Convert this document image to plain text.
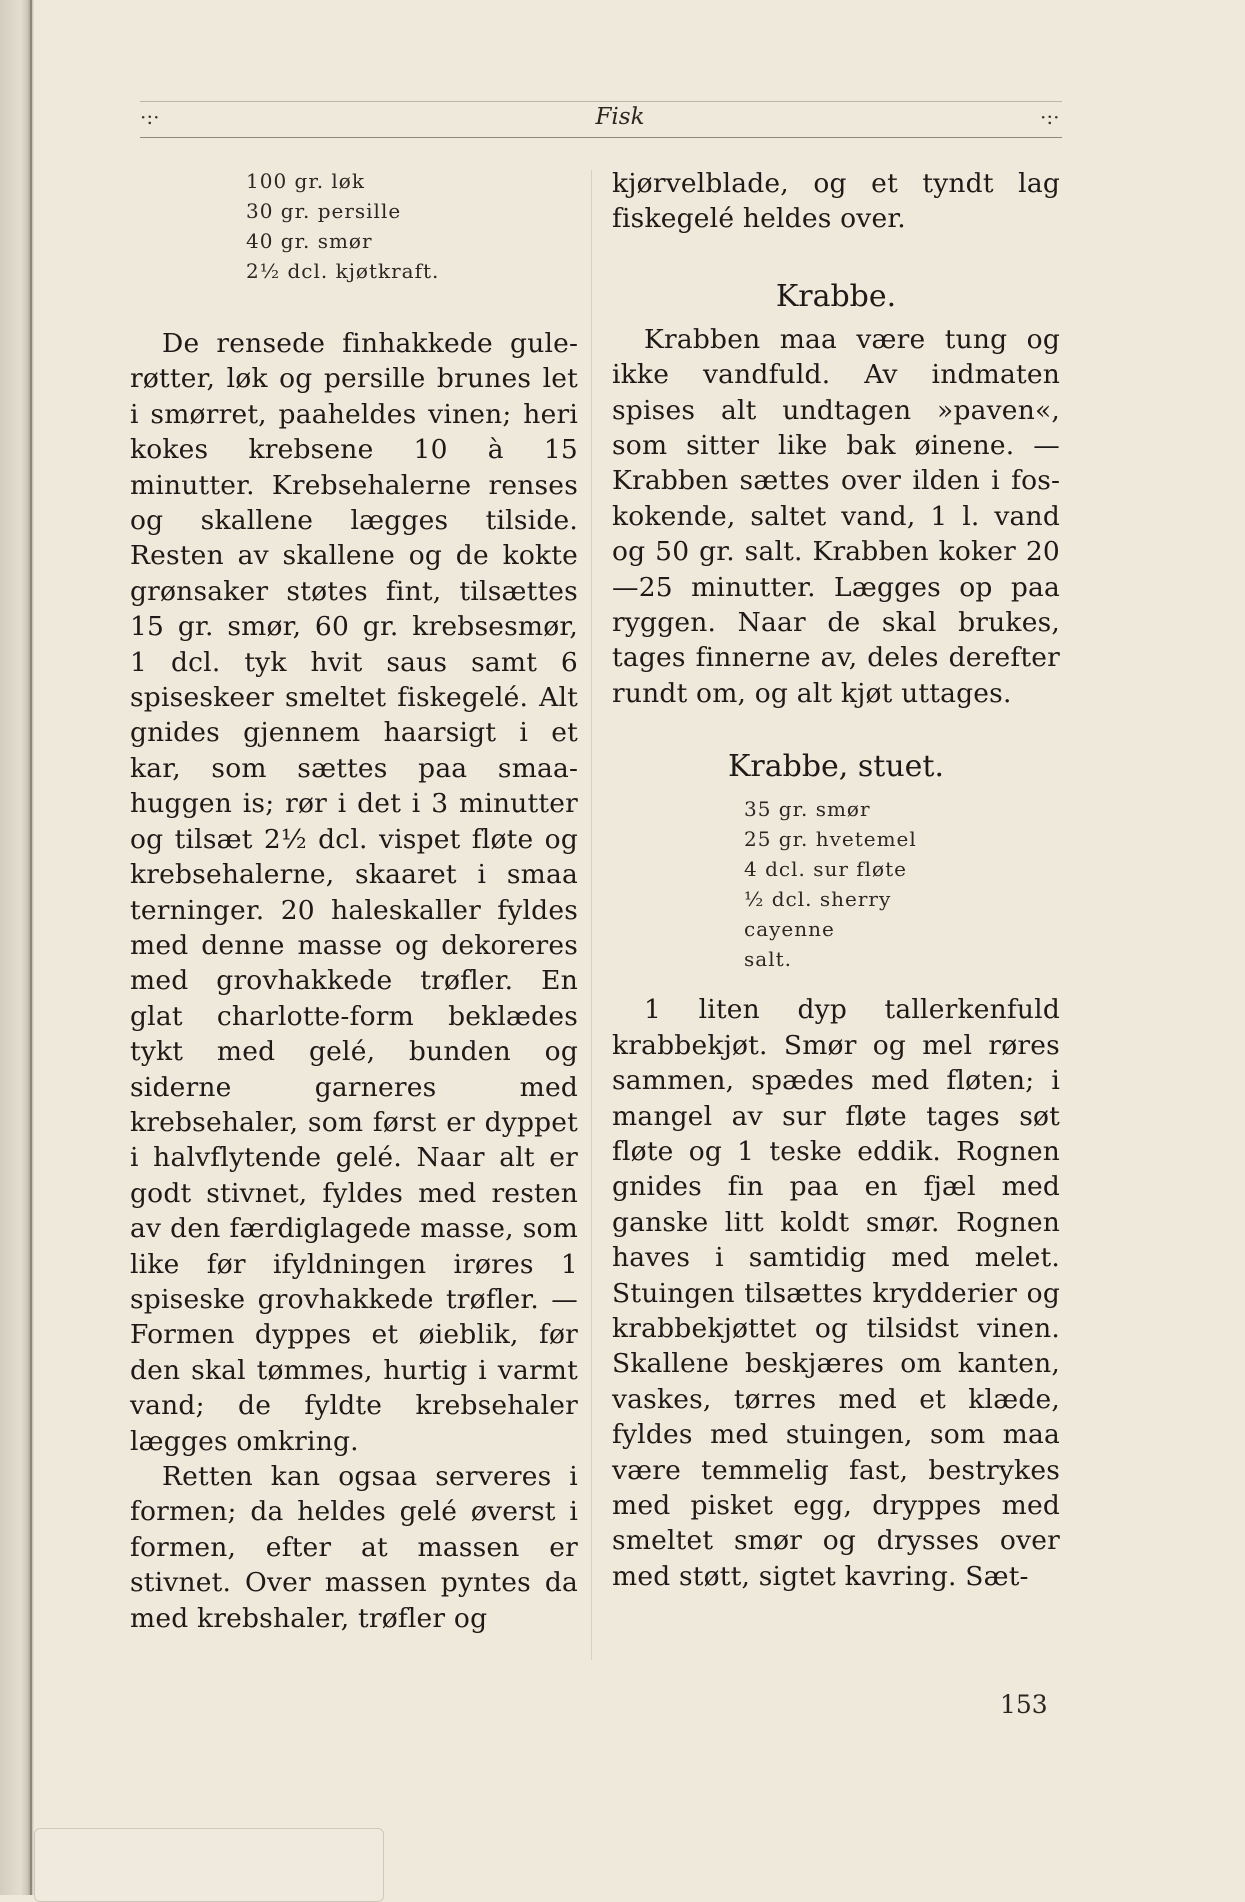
·:·	Fisk	·:·
100 gr. løk
30 gr. persille
40 gr. smør
2½ dcl. kjøtkraft.

De rensede finhakkede gulerøtter, løk og persille brunes let i smørret, paaheldes vinen; heri kokes krebsene 10 à 15 minutter. Krebsehalerne renses og skallene lægges tilside. Resten av skallene og de kokte grønsaker støtes fint, tilsættes 15 gr. smør, 60 gr. krebsesmør, 1 dcl. tyk hvit saus samt 6 spiseskeer smeltet fiskegelé. Alt gnides gjennem haarsigt i et kar, som sættes paa smaahuggen is; rør i det i 3 minutter og tilsæt 2½ dcl. vispet fløte og krebsehalerne, skaaret i smaa terninger. 20 haleskaller fyldes med denne masse og dekoreres med grovhakkede trøfler. En glat charlotte-form beklædes tykt med gelé, bunden og siderne garneres med krebsehaler, som først er dyppet i halvflytende gelé. Naar alt er godt stivnet, fyldes med resten av den færdiglagede masse, som like før ifyldningen irøres 1 spiseske grovhakkede trøfler. — Formen dyppes et øieblik, før den skal tømmes, hurtig i varmt vand; de fyldte krebsehaler lægges omkring.

Retten kan ogsaa serveres i formen; da heldes gelé øverst i formen, efter at massen er stivnet. Over massen pyntes da med krebshaler, trøfler og

kjørvelblade, og et tyndt lag fiskegelé heldes over.

Krabbe.

Krabben maa være tung og ikke vandfuld. Av indmaten spises alt undtagen »paven«, som sitter like bak øinene. — Krabben sættes over ilden i foskokende, saltet vand, 1 l. vand og 50 gr. salt. Krabben koker 20—25 minutter. Lægges op paa ryggen. Naar de skal brukes, tages finnerne av, deles derefter rundt om, og alt kjøt uttages.

Krabbe, stuet.
35 gr. smør
25 gr. hvetemel
4 dcl. sur fløte
½ dcl. sherry
cayenne
salt.

1 liten dyp tallerkenfuld krabbekjøt. Smør og mel røres sammen, spædes med fløten; i mangel av sur fløte tages søt fløte og 1 teske eddik. Rognen gnides fin paa en fjæl med ganske litt koldt smør. Rognen haves i samtidig med melet. Stuingen tilsættes krydderier og krabbekjøttet og tilsidst vinen. Skallene beskjæres om kanten, vaskes, tørres med et klæde, fyldes med stuingen, som maa være temmelig fast, bestrykes med pisket egg, dryppes med smeltet smør og drysses over med støtt, sigtet kavring. Sæt-

153
